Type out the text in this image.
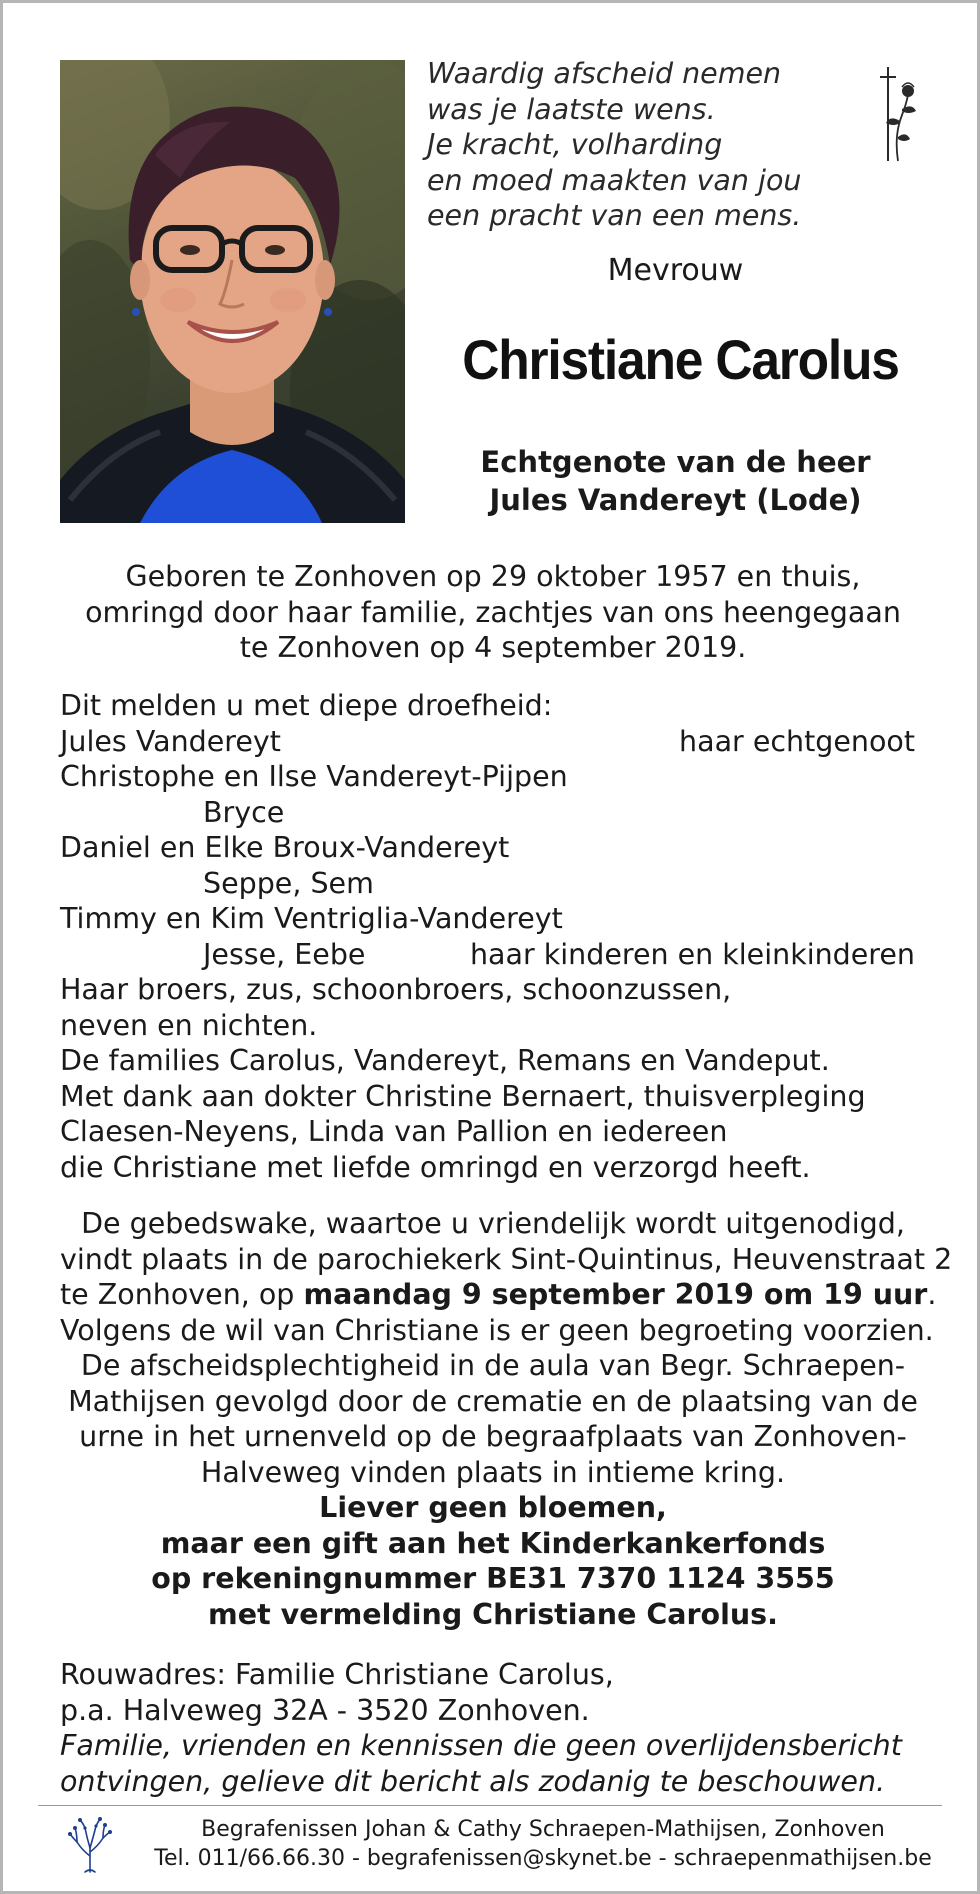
Waardig afscheid nemen
was je laatste wens.
Je kracht, volharding
en moed maakten van jou
een pracht van een mens.
Mevrouw
Christiane Carolus
Echtgenote van de heer
Jules Vandereyt (Lode)
Geboren te Zonhoven op 29 oktober 1957 en thuis,
omringd door haar familie, zachtjes van ons heengegaan
te Zonhoven op 4 september 2019.
Dit melden u met diepe droefheid:
Jules Vandereyt	haar echtgenoot
Christophe en Ilse Vandereyt-Pijpen
Bryce
Daniel en Elke Broux-Vandereyt
Seppe, Sem
Timmy en Kim Ventriglia-Vandereyt
Jesse, Eebe	haar kinderen en kleinkinderen
Haar broers, zus, schoonbroers, schoonzussen,
neven en nichten.
De families Carolus, Vandereyt, Remans en Vandeput.
Met dank aan dokter Christine Bernaert, thuisverpleging
Claesen-Neyens, Linda van Pallion en iedereen
die Christiane met liefde omringd en verzorgd heeft.
De gebedswake, waartoe u vriendelijk wordt uitgenodigd,
vindt plaats in de parochiekerk Sint-Quintinus, Heuvenstraat 2
te Zonhoven, op maandag 9 september 2019 om 19 uur.
Volgens de wil van Christiane is er geen begroeting voorzien.
De afscheidsplechtigheid in de aula van Begr. Schraepen-
Mathijsen gevolgd door de crematie en de plaatsing van de
urne in het urnenveld op de begraafplaats van Zonhoven-
Halveweg vinden plaats in intieme kring.
Liever geen bloemen,
maar een gift aan het Kinderkankerfonds
op rekeningnummer BE31 7370 1124 3555
met vermelding Christiane Carolus.
Rouwadres: Familie Christiane Carolus,
p.a. Halveweg 32A - 3520 Zonhoven.
Familie, vrienden en kennissen die geen overlijdensbericht
ontvingen, gelieve dit bericht als zodanig te beschouwen.
Begrafenissen Johan & Cathy Schraepen-Mathijsen, Zonhoven
Tel. 011/66.66.30 - begrafenissen@skynet.be - schraepenmathijsen.be
